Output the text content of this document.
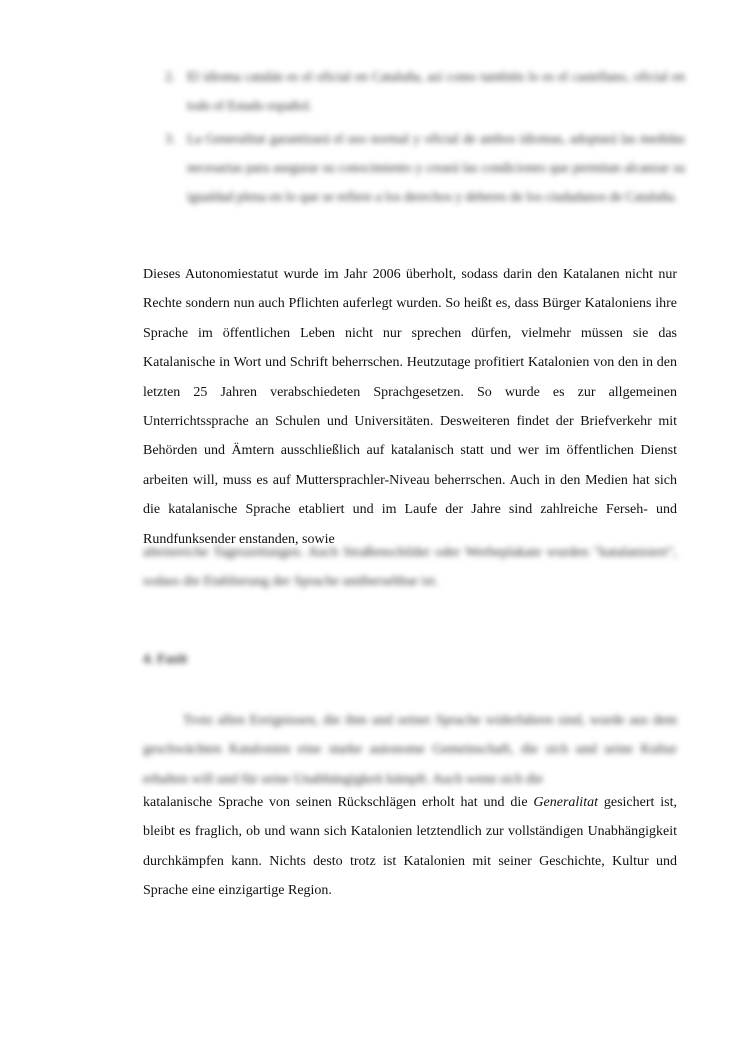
2. El idioma catalán es el oficial en Cataluña, así como también lo es el castellano, oficial en todo el Estado español.
3. La Generalitat garantizará el uso normal y oficial de ambos idiomas, adoptará las medidas necesarias para asegurar su conocimiento y creará las condiciones que permitan alcanzar su igualdad plena en lo que se refiere a los derechos y deberes de los ciudadanos de Cataluña.

Dieses Autonomiestatut wurde im Jahr 2006 überholt, sodass darin den Katalanen nicht nur Rechte sondern nun auch Pflichten auferlegt wurden. So heißt es, dass Bürger Kataloniens ihre Sprache im öffentlichen Leben nicht nur sprechen dürfen, vielmehr müssen sie das Katalanische in Wort und Schrift beherrschen. Heutzutage profitiert Katalonien von den in den letzten 25 Jahren verabschiedeten Sprachgesetzen. So wurde es zur allgemeinen Unterrichtssprache an Schulen und Universitäten. Desweiteren findet der Briefverkehr mit Behörden und Ämtern ausschließlich auf katalanisch statt und wer im öffentlichen Dienst arbeiten will, muss es auf Muttersprachler-Niveau beherrschen. Auch in den Medien hat sich die katalanische Sprache etabliert und im Laufe der Jahre sind zahlreiche Ferseh- und Rundfunksender enstanden, sowie

alteinreiche Tageszeitungen. Auch Straßenschilder oder Werbeplakate wurden "katalanisiert", sodass die Etablierung der Sprache unübersehbar ist.

4. Fazit

Trotz allen Ereignissen, die ihm und seiner Sprache widerfahren sind, wurde aus dem geschwächten Katalonien eine starke autonome Gemeinschaft, die sich und seine Kultur erhalten will und für seine Unabhängigkeit kämpft. Auch wenn sich die

katalanische Sprache von seinen Rückschlägen erholt hat und die Generalitat gesichert ist, bleibt es fraglich, ob und wann sich Katalonien letztendlich zur vollständigen Unabhängigkeit durchkämpfen kann. Nichts desto trotz ist Katalonien mit seiner Geschichte, Kultur und Sprache eine einzigartige Region.
